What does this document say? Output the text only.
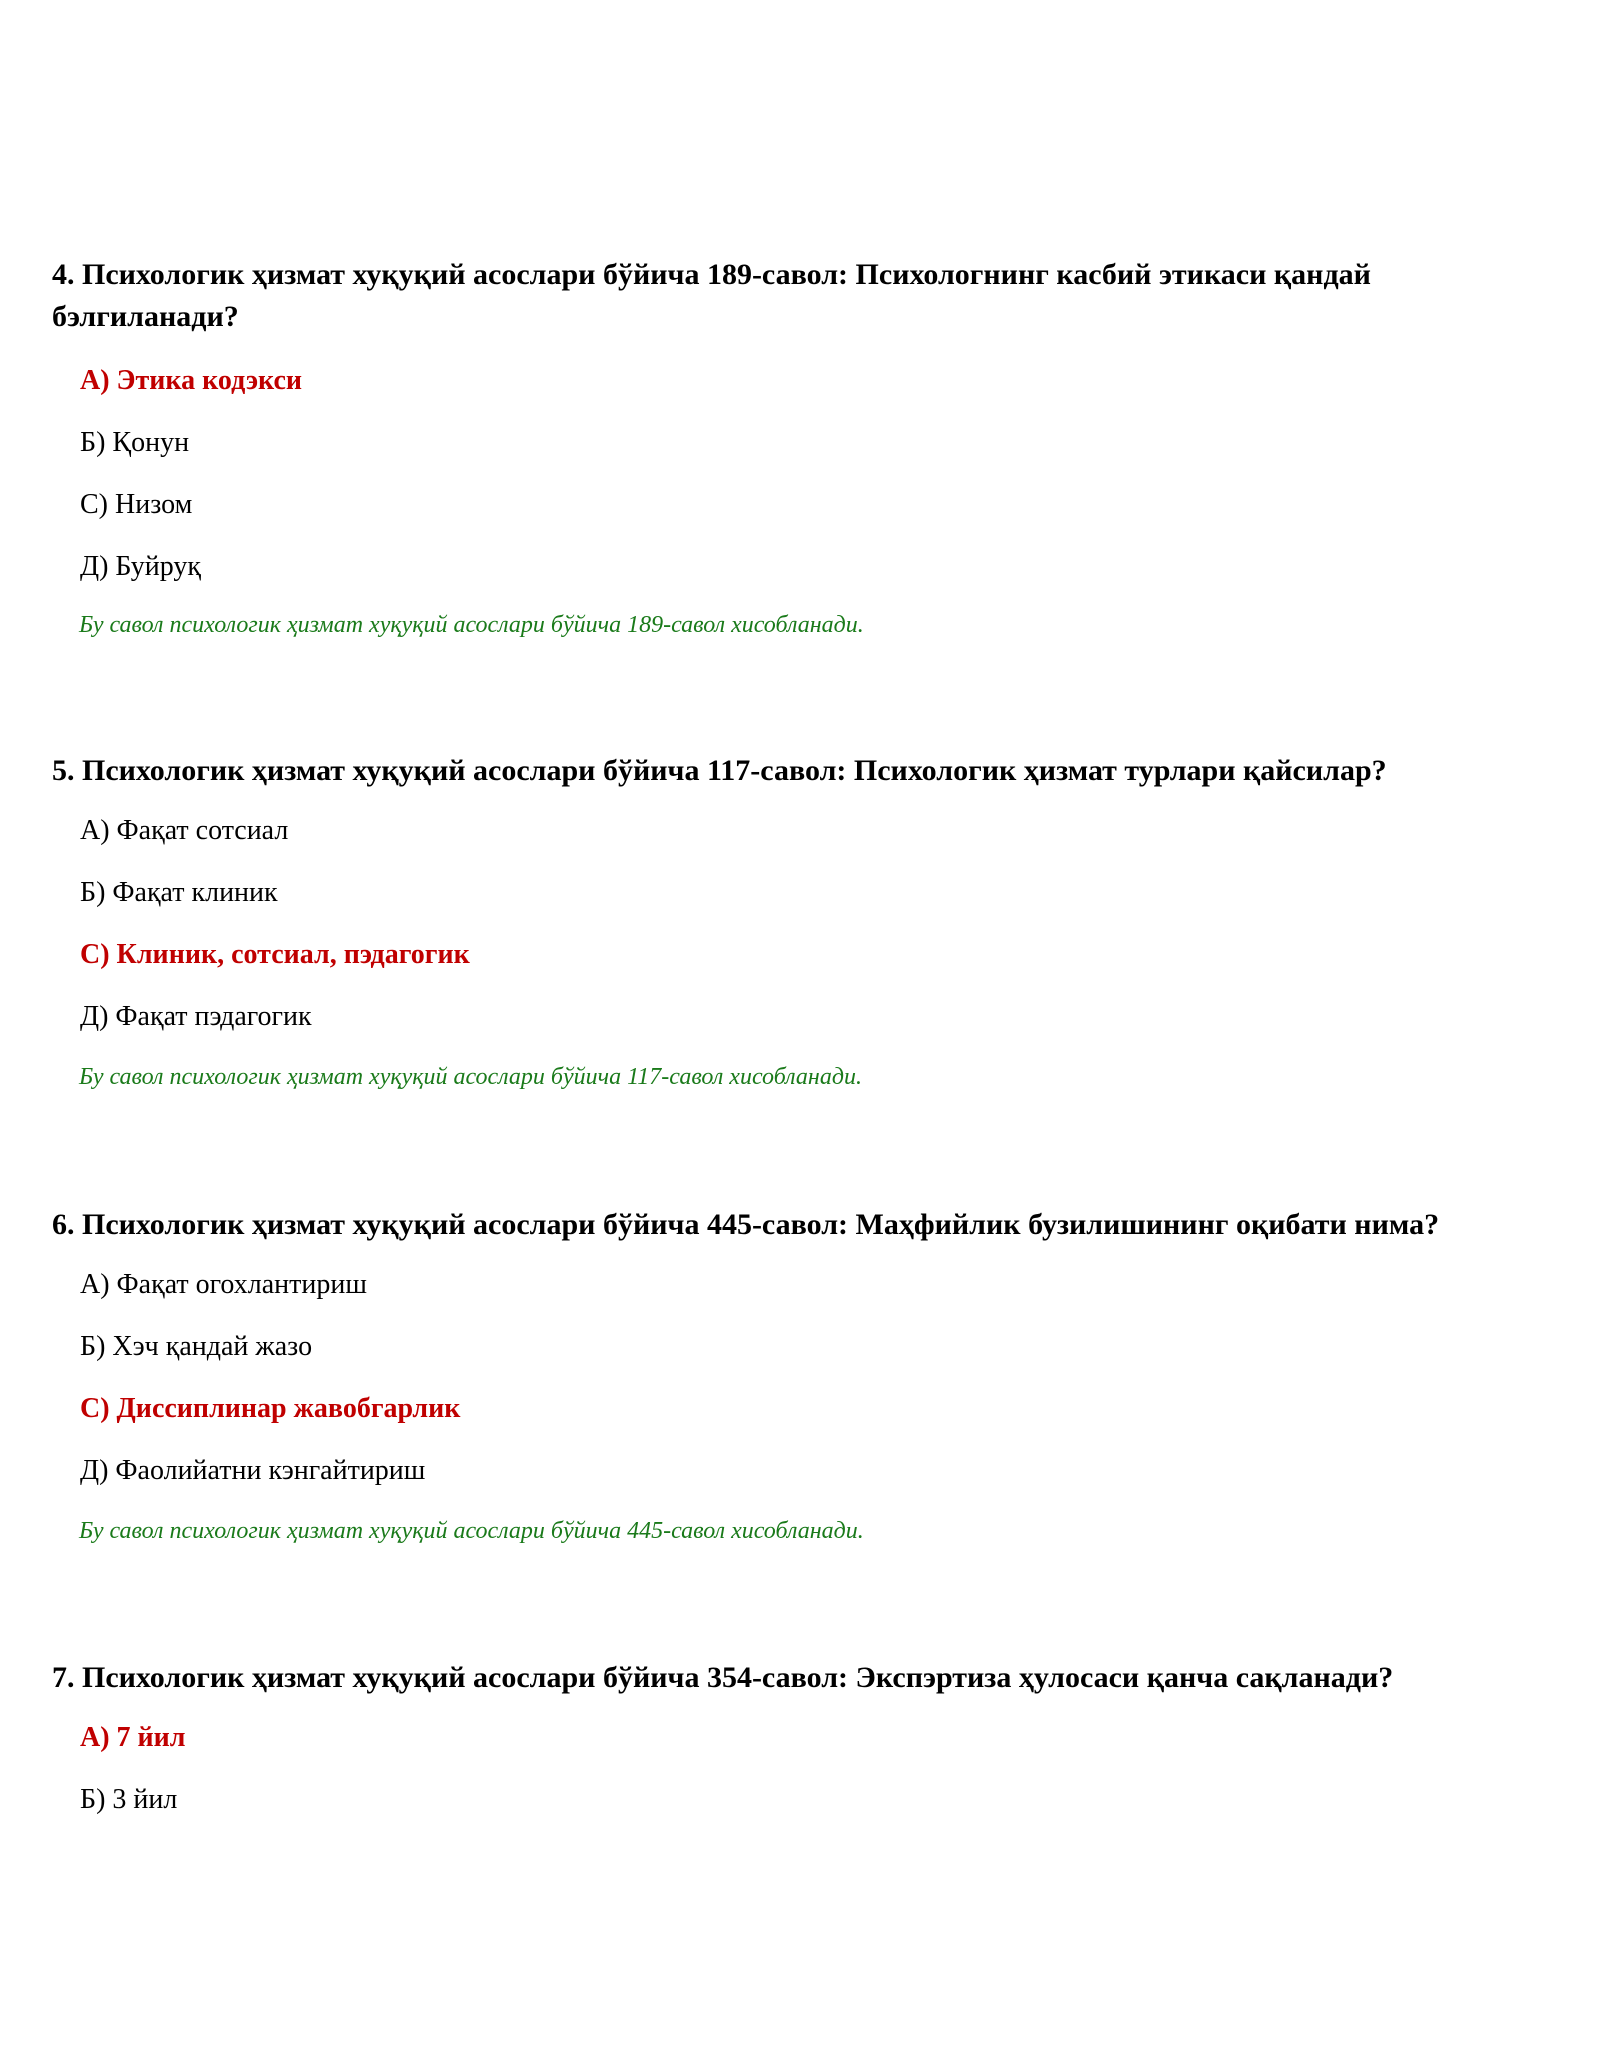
4. Психологик ҳизмат хуқуқий асослари бўйича 189-савол: Психологнинг касбий этикаси қандай бэлгиланади?

А) Этика кодэкси
Б) Қонун
С) Низом
Д) Буйруқ
Бу савол психологик ҳизмат хуқуқий асослари бўйича 189-савол хисобланади.

5. Психологик ҳизмат хуқуқий асослари бўйича 117-савол: Психологик ҳизмат турлари қайсилар?

А) Фақат сотсиал
Б) Фақат клиник
С) Клиник, сотсиал, пэдагогик
Д) Фақат пэдагогик
Бу савол психологик ҳизмат хуқуқий асослари бўйича 117-савол хисобланади.

6. Психологик ҳизмат хуқуқий асослари бўйича 445-савол: Маҳфийлик бузилишининг оқибати нима?

А) Фақат огохлантириш
Б) Хэч қандай жазо
С) Диссиплинар жавобгарлик
Д) Фаолийатни кэнгайтириш
Бу савол психологик ҳизмат хуқуқий асослари бўйича 445-савол хисобланади.

7. Психологик ҳизмат хуқуқий асослари бўйича 354-савол: Экспэртиза ҳулосаси қанча сақланади?

А) 7 йил
Б) 3 йил
